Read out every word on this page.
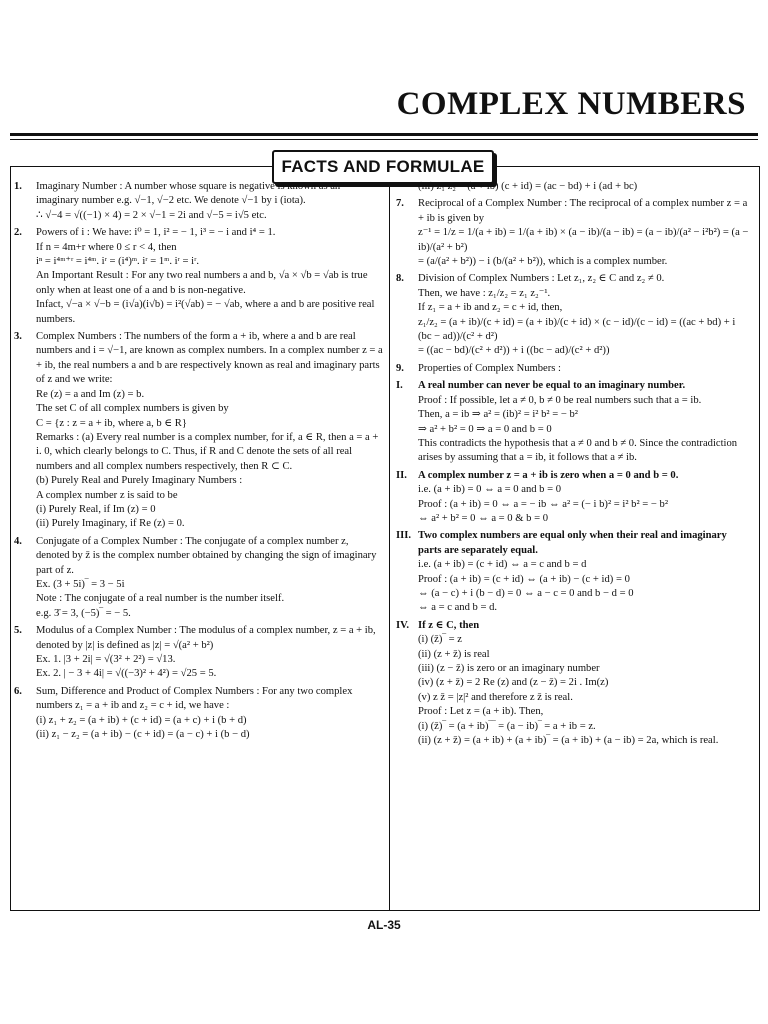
COMPLEX NUMBERS
FACTS AND FORMULAE
1. Imaginary Number : A number whose square is negative is known as an imaginary number e.g. √−1, √−2 etc. We denote √−1 by i (iota).

∴ √−4 = √((−1) × 4) = 2 × √−1 = 2i and √−5 = i√5 etc.

2. Powers of i : We have: i⁰ = 1, i² = − 1, i³ = − i and i⁴ = 1.

If n = 4m+r where 0 ≤ r < 4, then

iⁿ = i⁴ᵐ⁺ʳ = i⁴ᵐ. iʳ = (i⁴)ᵐ. iʳ = 1ᵐ. iʳ = iʳ.

An Important Result : For any two real numbers a and b, √a × √b = √ab is true only when at least one of a and b is non-negative.

Infact, √−a × √−b = (i√a)(i√b) = i²(√ab) = − √ab, where a and b are positive real numbers.

3. Complex Numbers : The numbers of the form a + ib, where a and b are real numbers and i = √−1, are known as complex numbers. In a complex number z = a + ib, the real numbers a and b are respectively known as real and imaginary parts of z and we write:

Re (z) = a and Im (z) = b.

The set C of all complex numbers is given by

C = {z : z = a + ib, where a, b ∈ R}

Remarks : (a) Every real number is a complex number, for if, a ∈ R, then a = a + i. 0, which clearly belongs to C. Thus, if R and C denote the sets of all real numbers and all complex numbers respectively, then R ⊂ C.

(b) Purely Real and Purely Imaginary Numbers :

A complex number z is said to be

(i) Purely Real, if Im (z) = 0

(ii) Purely Imaginary, if Re (z) = 0.

4. Conjugate of a Complex Number : The conjugate of a complex number z, denoted by z̄ is the complex number obtained by changing the sign of imaginary part of z.

Ex. (3 + 5i)‾ = 3 − 5i

Note : The conjugate of a real number is the number itself.

e.g. 3̄ = 3, (−5)‾ = − 5.

5. Modulus of a Complex Number : The modulus of a complex number, z = a + ib, denoted by |z| is defined as |z| = √(a² + b²)

Ex. 1. |3 + 2i| = √(3² + 2²) = √13.

Ex. 2. | − 3 + 4i| = √((−3)² + 4²) = √25 = 5.

6. Sum, Difference and Product of Complex Numbers : For any two complex numbers z₁ = a + ib and z₂ = c + id, we have :

(i) z₁ + z₂ = (a + ib) + (c + id) = (a + c) + i (b + d)

(ii) z₁ − z₂ = (a + ib) − (c + id) = (a − c) + i (b − d)

(iii) z₁ z₂ = (a + ib) (c + id) = (ac − bd) + i (ad + bc)

7. Reciprocal of a Complex Number : The reciprocal of a complex number z = a + ib is given by

z⁻¹ = 1/z = 1/(a + ib) = 1/(a + ib) × (a − ib)/(a − ib) = (a − ib)/(a² − i²b²) = (a − ib)/(a² + b²)

= (a/(a² + b²)) − i (b/(a² + b²)), which is a complex number.

8. Division of Complex Numbers : Let z₁, z₂ ∈ C and z₂ ≠ 0.

Then, we have : z₁/z₂ = z₁ z₂⁻¹.

If z₁ = a + ib and z₂ = c + id, then,

z₁/z₂ = (a + ib)/(c + id) = (a + ib)/(c + id) × (c − id)/(c − id) = ((ac + bd) + i (bc − ad))/(c² + d²)

= ((ac − bd)/(c² + d²)) + i ((bc − ad)/(c² + d²))

9. Properties of Complex Numbers :

I. A real number can never be equal to an imaginary number.

Proof : If possible, let a ≠ 0, b ≠ 0 be real numbers such that a = ib.

Then, a = ib ⇒ a² = (ib)² = i² b² = − b²

⇒ a² + b² = 0 ⇒ a = 0 and b = 0

This contradicts the hypothesis that a ≠ 0 and b ≠ 0. Since the contradiction arises by assuming that a = ib, it follows that a ≠ ib.

II. A complex number z = a + ib is zero when a = 0 and b = 0.

i.e. (a + ib) = 0 ⇔ a = 0 and b = 0

Proof : (a + ib) = 0 ⇔ a = − ib ⇔ a² = (− i b)² = i² b² = − b²

⇔ a² + b² = 0 ⇔ a = 0 & b = 0

III. Two complex numbers are equal only when their real and imaginary parts are separately equal.

i.e. (a + ib) = (c + id) ⇔ a = c and b = d

Proof : (a + ib) = (c + id) ⇔ (a + ib) − (c + id) = 0

⇔ (a − c) + i (b − d) = 0 ⇔ a − c = 0 and b − d = 0

⇔ a = c and b = d.

IV. If z ∈ C, then

(i) (z̄)‾ = z

(ii) (z + z̄) is real

(iii) (z − z̄) is zero or an imaginary number

(iv) (z + z̄) = 2 Re (z) and (z − z̄) = 2i . Im(z)

(v) z z̄ = |z|² and therefore z z̄ is real.

Proof : Let z = (a + ib). Then,

(i) (z̄)‾ = (a + ib)‾‾ = (a − ib)‾ = a + ib = z.

(ii) (z + z̄) = (a + ib) + (a + ib)‾ = (a + ib) + (a − ib) = 2a, which is real.

AL-35
